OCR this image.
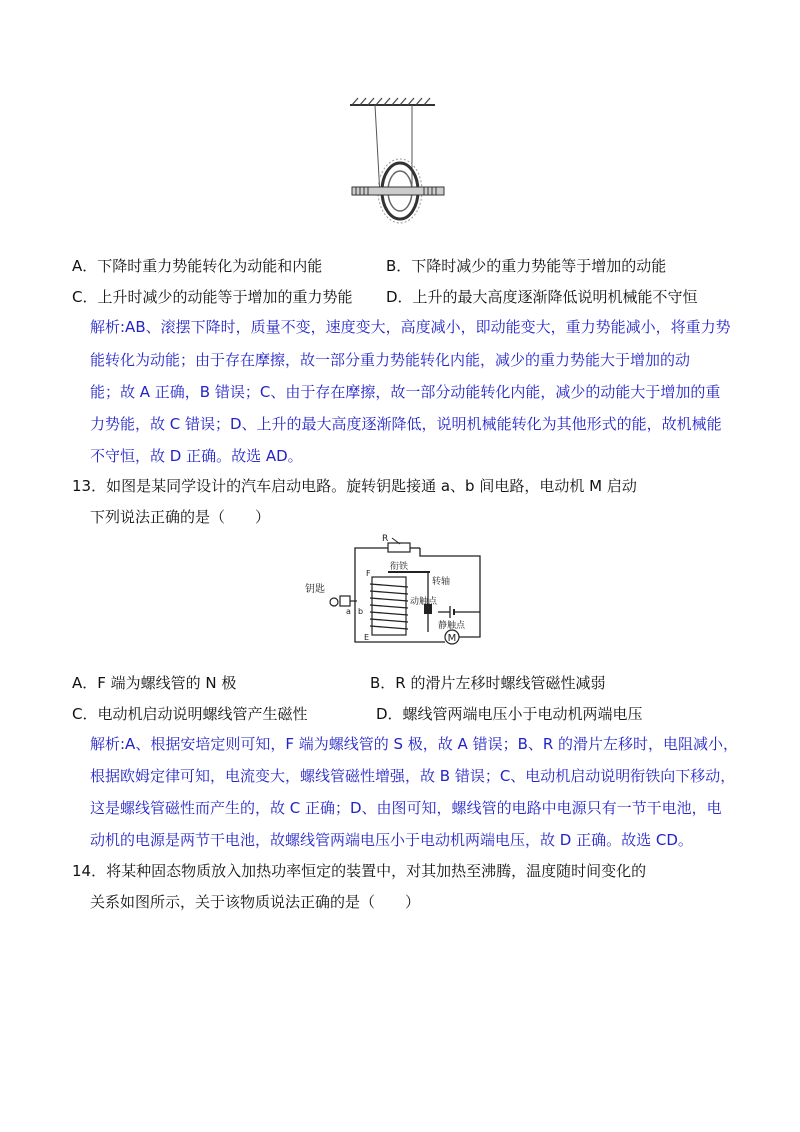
A．下降时重力势能转化为动能和内能	B．下降时减少的重力势能等于增加的动能
C．上升时减少的动能等于增加的重力势能 D．上升的最大高度逐渐降低说明机械能不守恒
解析:AB、滚摆下降时，质量不变，速度变大，高度减小，即动能变大，重力势能减小，将重力势
能转化为动能；由于存在摩擦，故一部分重力势能转化内能，减少的重力势能大于增加的动
能；故 A 正确，B 错误；C、由于存在摩擦，故一部分动能转化内能，减少的动能大于增加的重
力势能，故 C 错误；D、上升的最大高度逐渐降低，说明机械能转化为其他形式的能，故机械能
不守恒，故 D 正确。故选 AD。
13．如图是某同学设计的汽车启动电路。旋转钥匙接通 a、b 间电路，电动机 M 启动
下列说法正确的是（　　）
M
钥匙
R
衔铁
F
E
a b
转轴
动触点
静触点
A．F 端为螺线管的 N 极	B．R 的滑片左移时螺线管磁性减弱
C．电动机启动说明螺线管产生磁性	D．螺线管两端电压小于电动机两端电压
解析:A、根据安培定则可知，F 端为螺线管的 S 极，故 A 错误；B、R 的滑片左移时，电阻减小，
根据欧姆定律可知，电流变大，螺线管磁性增强，故 B 错误；C、电动机启动说明衔铁向下移动，
这是螺线管磁性而产生的，故 C 正确；D、由图可知，螺线管的电路中电源只有一节干电池，电
动机的电源是两节干电池，故螺线管两端电压小于电动机两端电压，故 D 正确。故选 CD。
14．将某种固态物质放入加热功率恒定的装置中，对其加热至沸腾，温度随时间变化的
关系如图所示，关于该物质说法正确的是（　　）
